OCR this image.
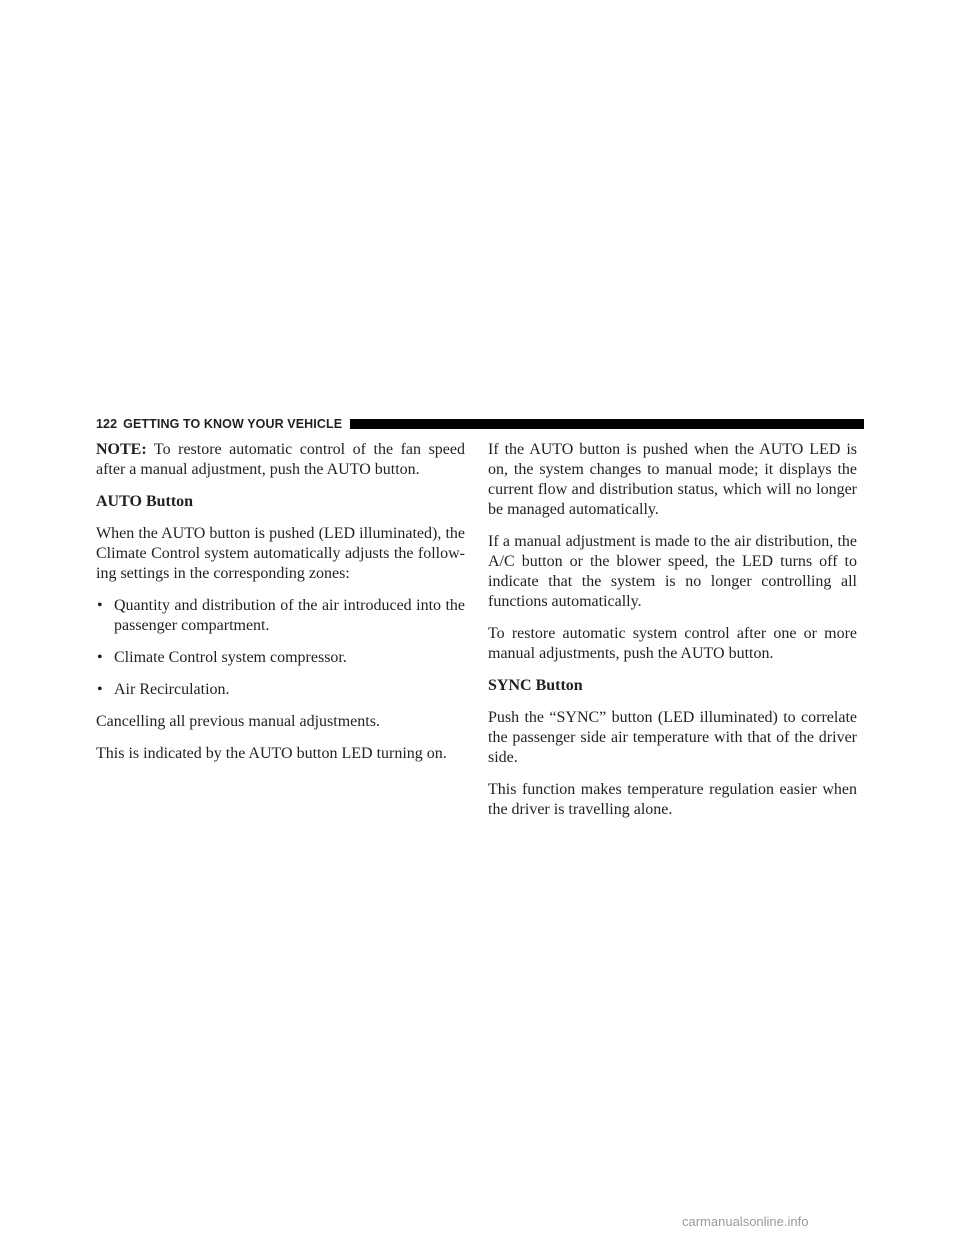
122 GETTING TO KNOW YOUR VEHICLE

NOTE: To restore automatic control of the fan speed after a manual adjustment, push the AUTO button.

AUTO Button

When the AUTO button is pushed (LED illuminated), the Climate Control system automatically adjusts the follow-ing settings in the corresponding zones:

• Quantity and distribution of the air introduced into the passenger compartment.
• Climate Control system compressor.
• Air Recirculation.

Cancelling all previous manual adjustments.

This is indicated by the AUTO button LED turning on.

If the AUTO button is pushed when the AUTO LED is on, the system changes to manual mode; it displays the current flow and distribution status, which will no longer be managed automatically.

If a manual adjustment is made to the air distribution, the A/C button or the blower speed, the LED turns off to indicate that the system is no longer controlling all functions automatically.

To restore automatic system control after one or more manual adjustments, push the AUTO button.

SYNC Button

Push the “SYNC” button (LED illuminated) to correlate the passenger side air temperature with that of the driver side.

This function makes temperature regulation easier when the driver is travelling alone.

carmanualsonline.info
